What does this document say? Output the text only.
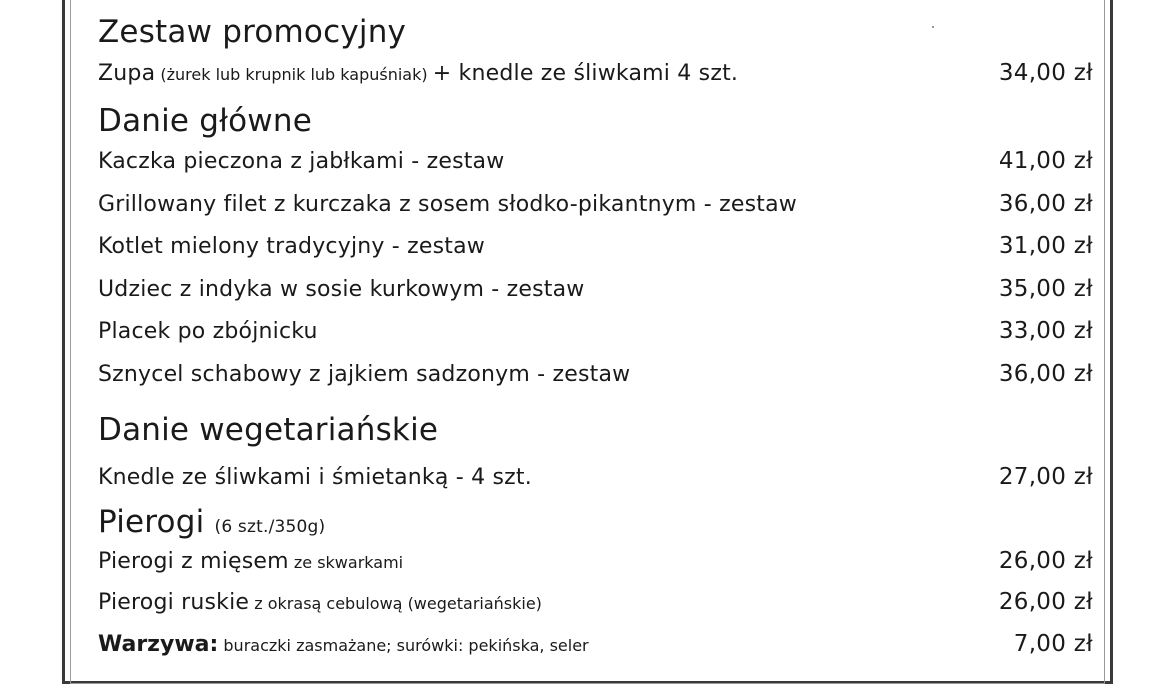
Zestaw promocyjny
Zupa (żurek lub krupnik lub kapuśniak) + knedle ze śliwkami 4 szt.	34,00 zł
Danie główne
Kaczka pieczona z jabłkami - zestaw	41,00 zł
Grillowany filet z kurczaka z sosem słodko-pikantnym - zestaw	36,00 zł
Kotlet mielony tradycyjny - zestaw	31,00 zł
Udziec z indyka w sosie kurkowym - zestaw	35,00 zł
Placek po zbójnicku	33,00 zł
Sznycel schabowy z jajkiem sadzonym - zestaw	36,00 zł
Danie wegetariańskie
Knedle ze śliwkami i śmietanką - 4 szt.	27,00 zł
Pierogi (6 szt./350g)
Pierogi z mięsem ze skwarkami	26,00 zł
Pierogi ruskie z okrasą cebulową (wegetariańskie)	26,00 zł
Warzywa: buraczki zasmażane; surówki: pekińska, seler	7,00 zł
